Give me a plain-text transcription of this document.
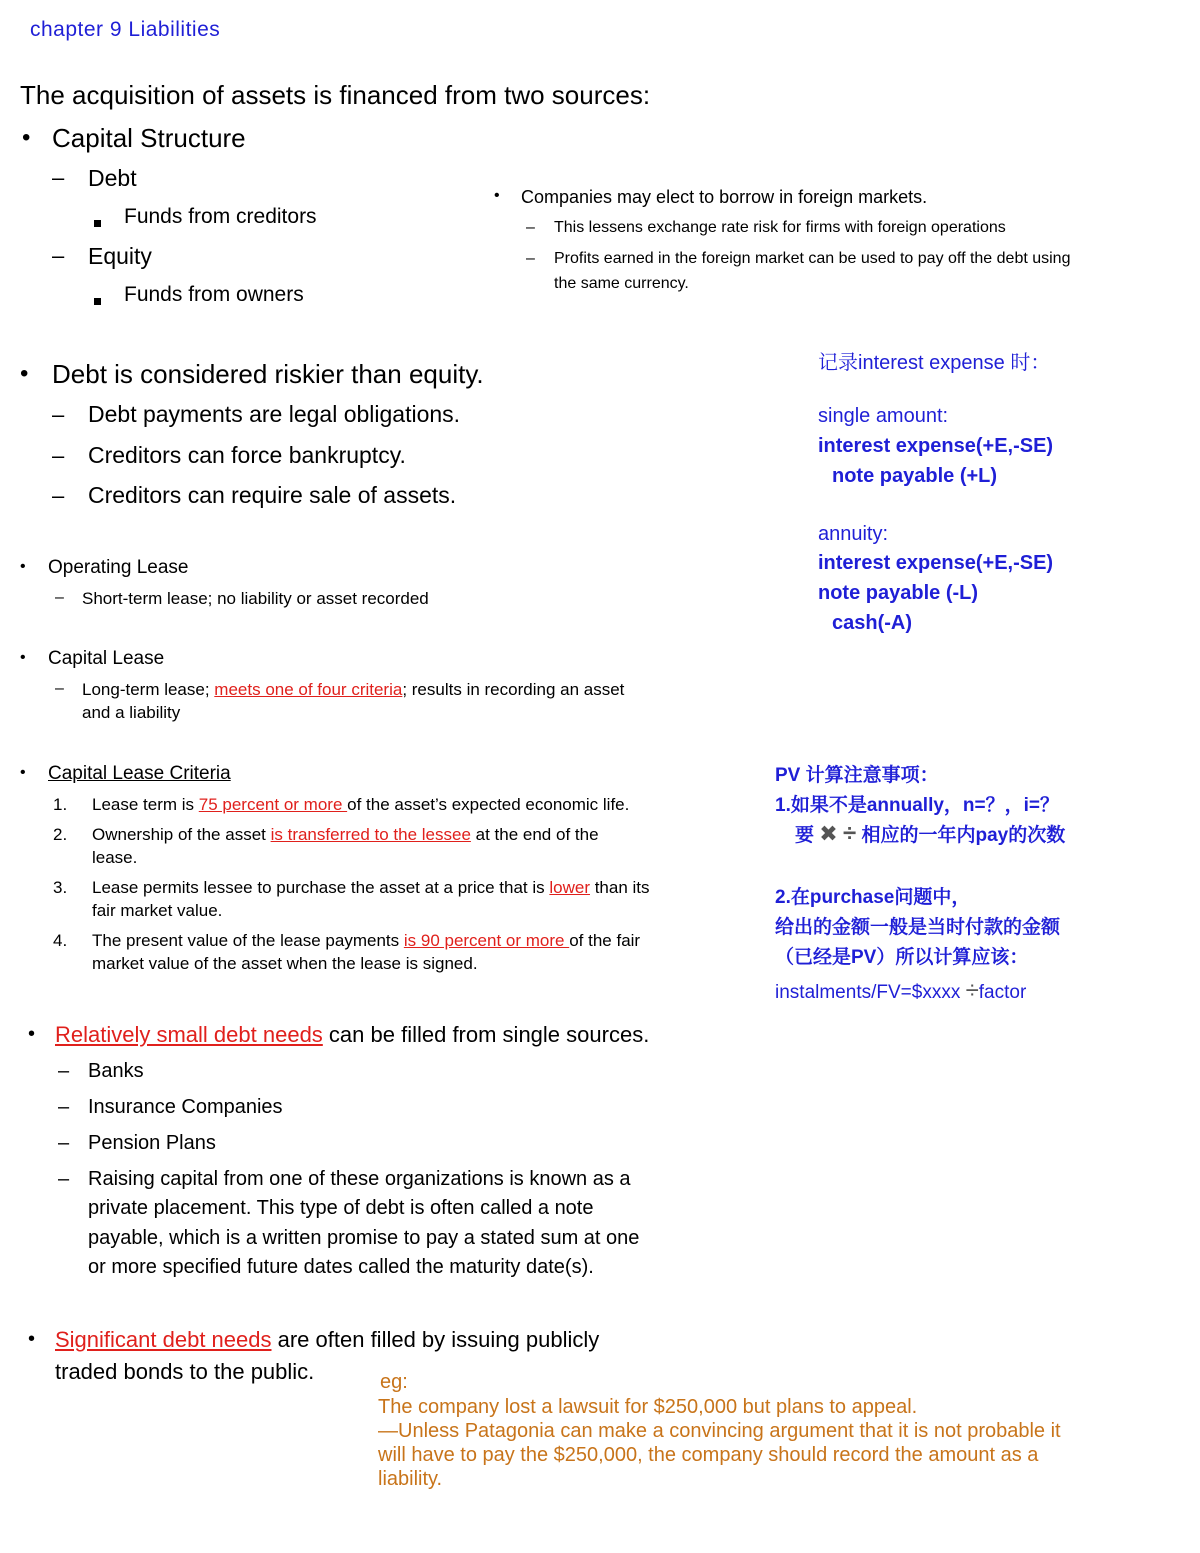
chapter 9 Liabilities
The acquisition of assets is financed from two sources:
• Capital Structure
– Debt
Funds from creditors
– Equity
Funds from owners
• Companies may elect to borrow in foreign markets.
– This lessens exchange rate risk for firms with foreign operations
– Profits earned in the foreign market can be used to pay off the debt using
the same currency.
• Debt is considered riskier than equity.
– Debt payments are legal obligations.
– Creditors can force bankruptcy.
– Creditors can require sale of assets.
• Operating Lease
– Short-term lease; no liability or asset recorded
• Capital Lease
– Long-term lease; meets one of four criteria; results in recording an asset
and a liability
• Capital Lease Criteria
1. Lease term is 75 percent or more of the asset’s expected economic life.
2. Ownership of the asset is transferred to the lessee at the end of the
lease.
3. Lease permits lessee to purchase the asset at a price that is lower than its
fair market value.
4. The present value of the lease payments is 90 percent or more of the fair
market value of the asset when the lease is signed.
• Relatively small debt needs can be filled from single sources.
– Banks
– Insurance Companies
– Pension Plans
– Raising capital from one of these organizations is known as a
private placement. This type of debt is often called a note
payable, which is a written promise to pay a stated sum at one
or more specified future dates called the maturity date(s).
• Significant debt needs are often filled by issuing publicly
traded bonds to the public.
记录interest expense 时：
single amount:
interest expense(+E,-SE)
note payable (+L)
annuity:
interest expense(+E,-SE)
note payable (-L)
cash(-A)
PV 计算注意事项：
1.如果不是annually，n=？，i=？
要 ✖ ÷ 相应的一年内pay的次数
2.在purchase问题中，
给出的金额一般是当时付款的金额
（已经是PV）所以计算应该：
instalments/FV=$xxxx ÷factor
eg:
The company lost a lawsuit for $250,000 but plans to appeal.
—Unless Patagonia can make a convincing argument that it is not probable it
will have to pay the $250,000, the company should record the amount as a
liability.
